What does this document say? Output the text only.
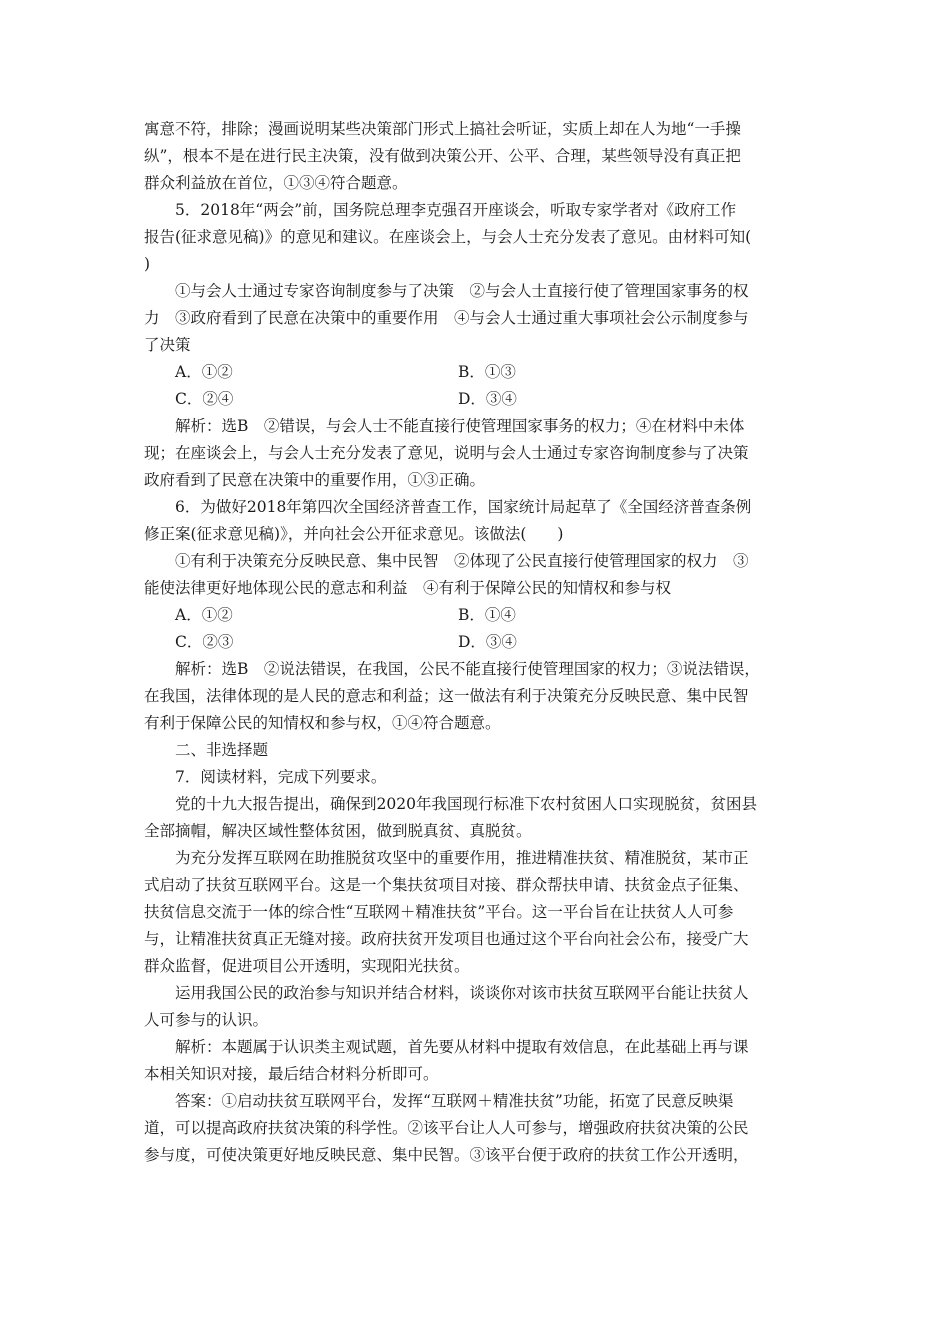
寓意不符，排除；漫画说明某些决策部门形式上搞社会听证，实质上却在人为地“一手操
纵”，根本不是在进行民主决策，没有做到决策公开、公平、合理，某些领导没有真正把
群众利益放在首位，①③④符合题意。
5．2018年“两会”前，国务院总理李克强召开座谈会，听取专家学者对《政府工作
报告(征求意见稿)》的意见和建议。在座谈会上，与会人士充分发表了意见。由材料可知(
)
①与会人士通过专家咨询制度参与了决策　②与会人士直接行使了管理国家事务的权
力　③政府看到了民意在决策中的重要作用　④与会人士通过重大事项社会公示制度参与
了决策
A．①②	B．①③
C．②④	D．③④
解析：选B　②错误，与会人士不能直接行使管理国家事务的权力；④在材料中未体
现；在座谈会上，与会人士充分发表了意见，说明与会人士通过专家咨询制度参与了决策
政府看到了民意在决策中的重要作用，①③正确。
6．为做好2018年第四次全国经济普查工作，国家统计局起草了《全国经济普查条例
修正案(征求意见稿)》，并向社会公开征求意见。该做法(　　)
①有利于决策充分反映民意、集中民智　②体现了公民直接行使管理国家的权力　③
能使法律更好地体现公民的意志和利益　④有利于保障公民的知情权和参与权
A．①②	B．①④
C．②③	D．③④
解析：选B　②说法错误，在我国，公民不能直接行使管理国家的权力；③说法错误，
在我国，法律体现的是人民的意志和利益；这一做法有利于决策充分反映民意、集中民智
有利于保障公民的知情权和参与权，①④符合题意。
二、非选择题
7．阅读材料，完成下列要求。
党的十九大报告提出，确保到2020年我国现行标准下农村贫困人口实现脱贫，贫困县
全部摘帽，解决区域性整体贫困，做到脱真贫、真脱贫。
为充分发挥互联网在助推脱贫攻坚中的重要作用，推进精准扶贫、精准脱贫，某市正
式启动了扶贫互联网平台。这是一个集扶贫项目对接、群众帮扶申请、扶贫金点子征集、
扶贫信息交流于一体的综合性“互联网＋精准扶贫”平台。这一平台旨在让扶贫人人可参
与，让精准扶贫真正无缝对接。政府扶贫开发项目也通过这个平台向社会公布，接受广大
群众监督，促进项目公开透明，实现阳光扶贫。
运用我国公民的政治参与知识并结合材料，谈谈你对该市扶贫互联网平台能让扶贫人
人可参与的认识。
解析：本题属于认识类主观试题，首先要从材料中提取有效信息，在此基础上再与课
本相关知识对接，最后结合材料分析即可。
答案：①启动扶贫互联网平台，发挥“互联网＋精准扶贫”功能，拓宽了民意反映渠
道，可以提高政府扶贫决策的科学性。②该平台让人人可参与，增强政府扶贫决策的公民
参与度，可使决策更好地反映民意、集中民智。③该平台便于政府的扶贫工作公开透明，
